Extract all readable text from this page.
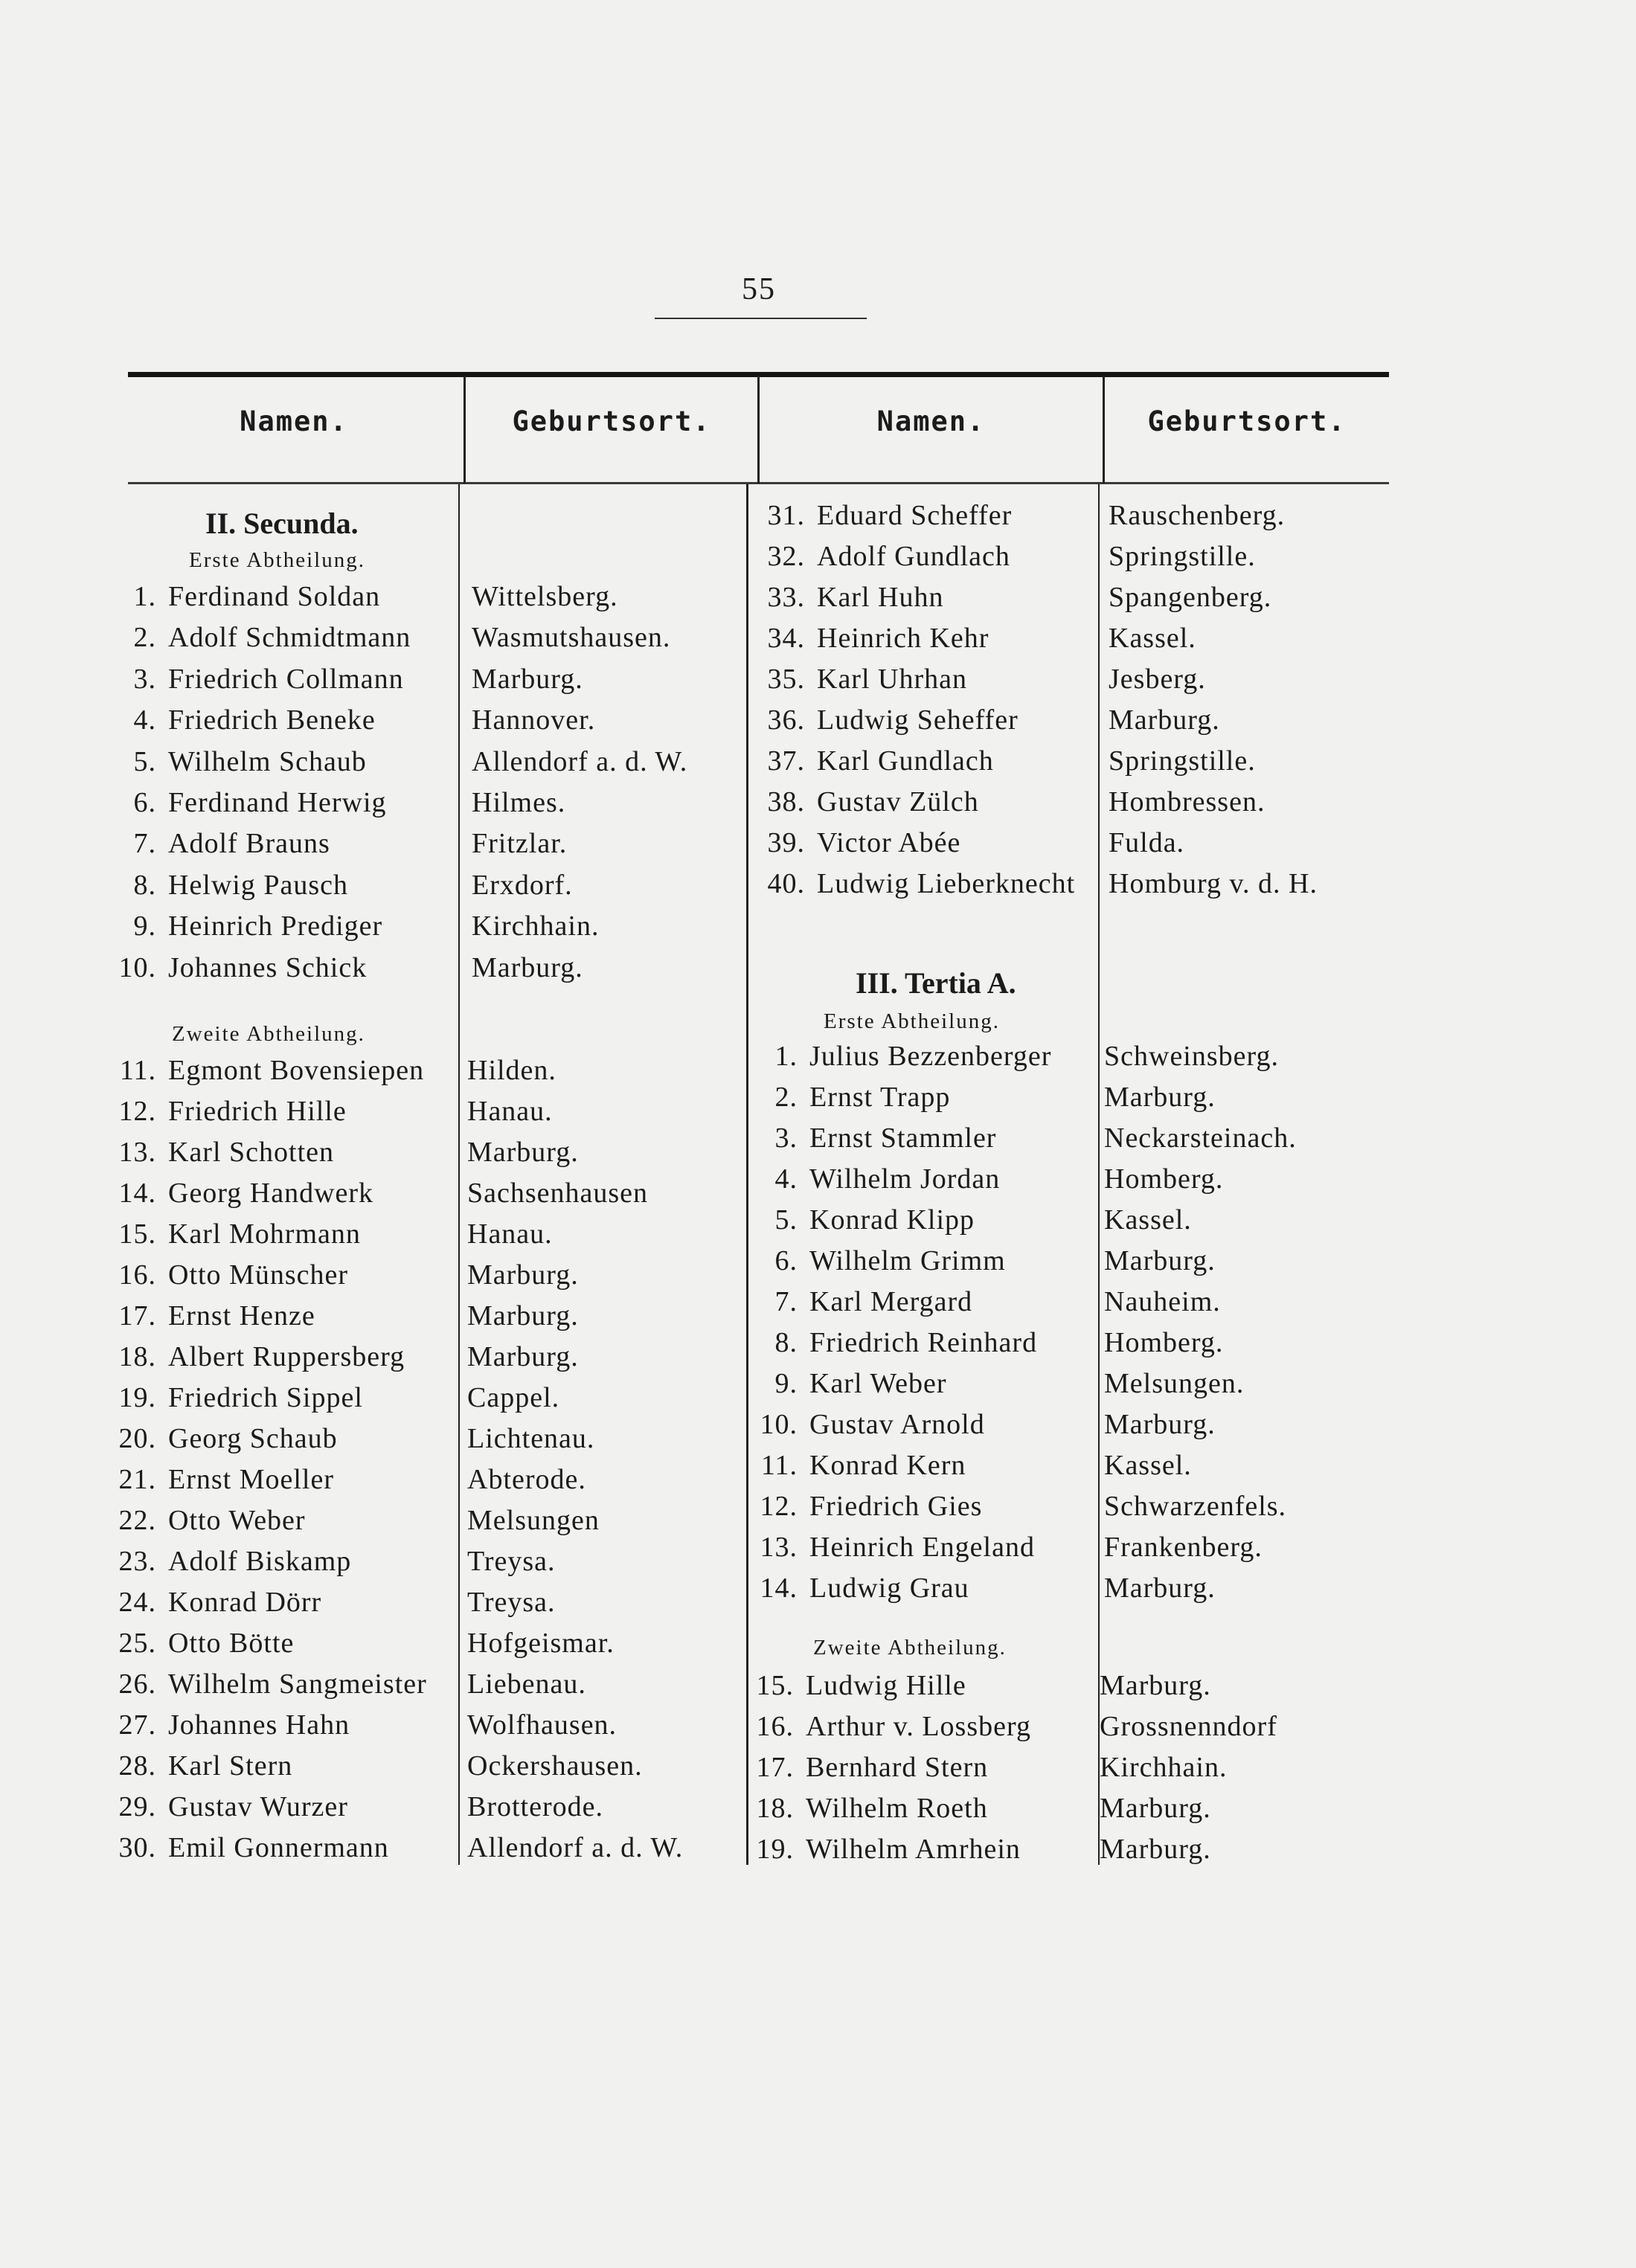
55
Namen.	Geburtsort.	Namen.	Geburtsort.
II. Secunda.
Erste Abtheilung.
Zweite Abtheilung.
III. Tertia A.
Erste Abtheilung.
Zweite Abtheilung.
1. Ferdinand Soldan	Wittelsberg.
2. Adolf Schmidtmann Wasmutshausen.
3. Friedrich Collmann Marburg.
4. Friedrich Beneke	Hannover.
5. Wilhelm Schaub	Allendorf a. d. W.
6. Ferdinand Herwig	Hilmes.
7. Adolf Brauns	Fritzlar.
8. Helwig Pausch	Erxdorf.
9. Heinrich Prediger	Kirchhain.
10. Johannes Schick	Marburg.
11. Egmont Bovensiepen Hilden.
12. Friedrich Hille	Hanau.
13. Karl Schotten	Marburg.
14. Georg Handwerk	Sachsenhausen
15. Karl Mohrmann	Hanau.
16. Otto Münscher	Marburg.
17. Ernst Henze	Marburg.
18. Albert Ruppersberg Marburg.
19. Friedrich Sippel	Cappel.
20. Georg Schaub	Lichtenau.
21. Ernst Moeller	Abterode.
22. Otto Weber	Melsungen
23. Adolf Biskamp	Treysa.
24. Konrad Dörr	Treysa.
25. Otto Bötte	Hofgeismar.
26. Wilhelm Sangmeister Liebenau.
27. Johannes Hahn	Wolfhausen.
28. Karl Stern	Ockershausen.
29. Gustav Wurzer	Brotterode.
30. Emil Gonnermann	Allendorf a. d. W.
31. Eduard Scheffer	Rauschenberg.
32. Adolf Gundlach	Springstille.
33. Karl Huhn	Spangenberg.
34. Heinrich Kehr	Kassel.
35. Karl Uhrhan	Jesberg.
36. Ludwig Seheffer	Marburg.
37. Karl Gundlach	Springstille.
38. Gustav Zülch	Hombressen.
39. Victor Abée	Fulda.
40. Ludwig Lieberknecht Homburg v. d. H.
1. Julius Bezzenberger Schweinsberg.
2. Ernst Trapp	Marburg.
3. Ernst Stammler	Neckarsteinach.
4. Wilhelm Jordan	Homberg.
5. Konrad Klipp	Kassel.
6. Wilhelm Grimm	Marburg.
7. Karl Mergard	Nauheim.
8. Friedrich Reinhard Homberg.
9. Karl Weber	Melsungen.
10. Gustav Arnold	Marburg.
11. Konrad Kern	Kassel.
12. Friedrich Gies	Schwarzenfels.
13. Heinrich Engeland Frankenberg.
14. Ludwig Grau	Marburg.
15. Ludwig Hille	Marburg.
16. Arthur v. Lossberg Grossnenndorf
17. Bernhard Stern	Kirchhain.
18. Wilhelm Roeth	Marburg.
19. Wilhelm Amrhein	Marburg.
